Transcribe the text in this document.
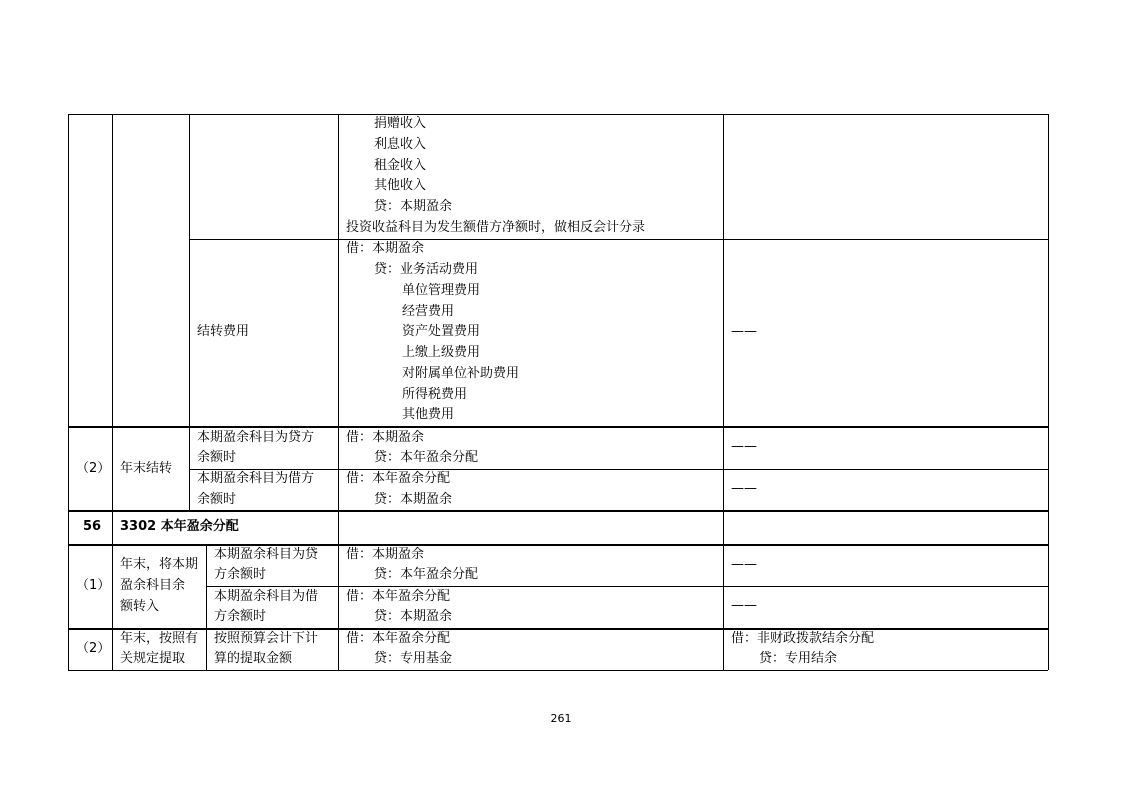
捐赠收入
利息收入
租金收入
其他收入
贷：本期盈余
投资收益科目为发生额借方净额时，做相反会计分录
结转费用
借：本期盈余
贷：业务活动费用
单位管理费用
经营费用
资产处置费用
上缴上级费用
对附属单位补助费用
所得税费用
其他费用
——
（2） 年末结转
本期盈余科目为贷方
余额时
借：本期盈余
贷：本年盈余分配
——
本期盈余科目为借方
余额时
借：本年盈余分配
贷：本期盈余
——
56 3302 本年盈余分配
（1）
年末，将本期
盈余科目余
额转入
本期盈余科目为贷
方余额时
借：本期盈余
贷：本年盈余分配
——
本期盈余科目为借
方余额时
借：本年盈余分配
贷：本期盈余
——
（2）
年末，按照有
关规定提取
按照预算会计下计
算的提取金额
借：本年盈余分配
贷：专用基金
借：非财政拨款结余分配
贷：专用结余
261
